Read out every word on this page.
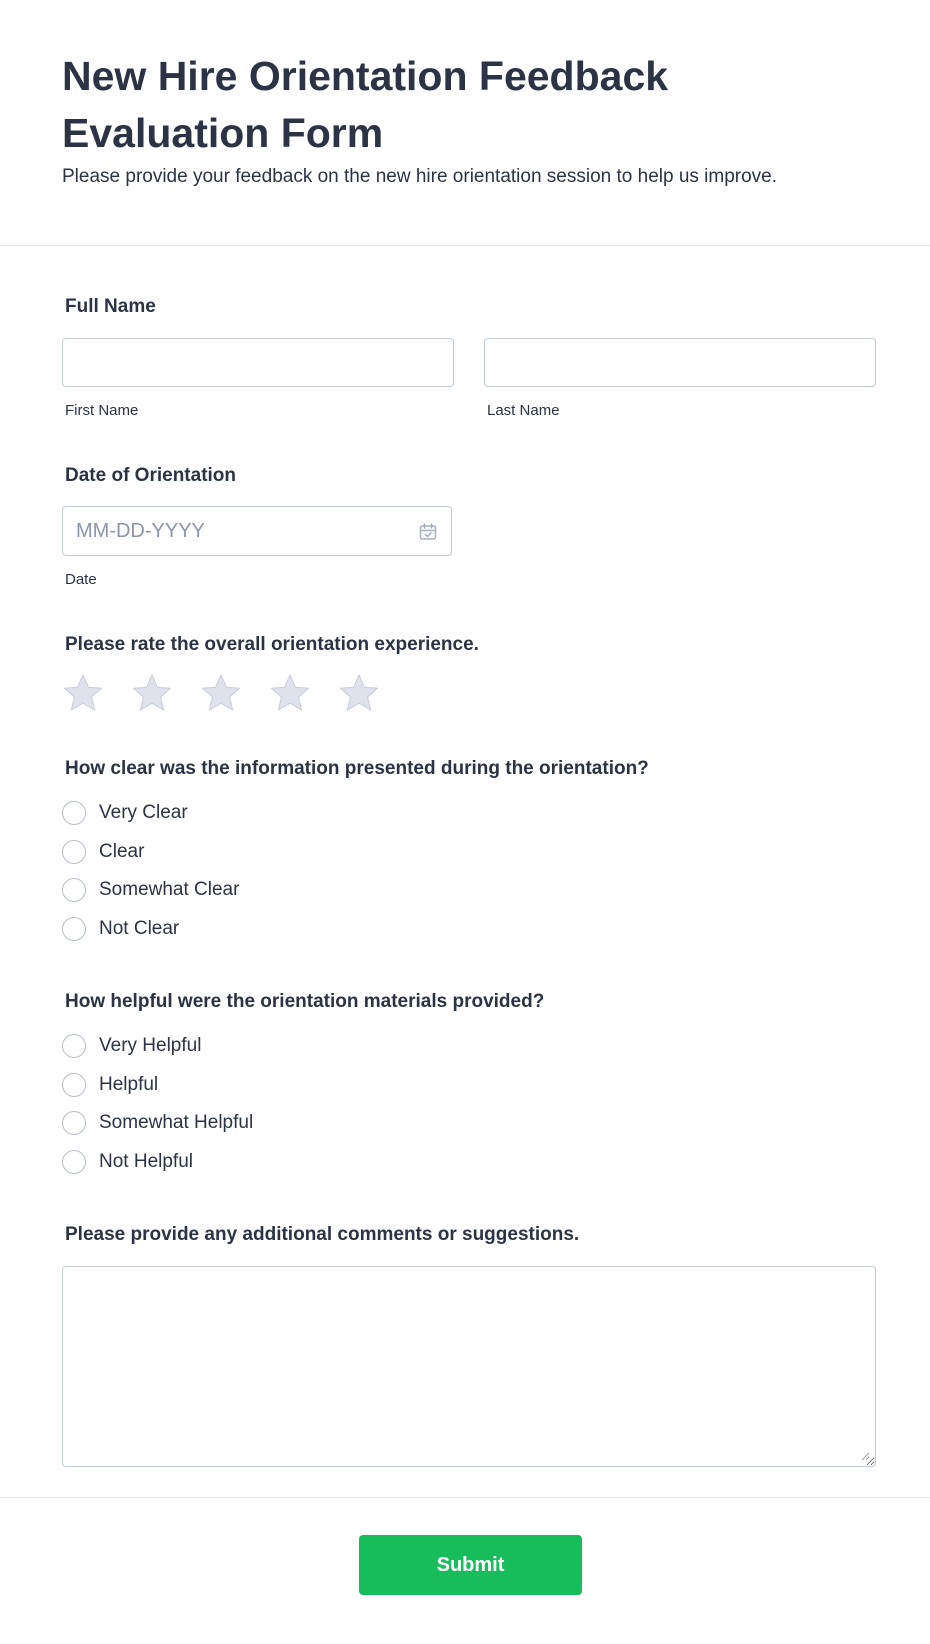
New Hire Orientation Feedback Evaluation Form
Please provide your feedback on the new hire orientation session to help us improve.
Full Name
First Name	Last Name
Date of Orientation
MM-DD-YYYY
Date
Please rate the overall orientation experience.
How clear was the information presented during the orientation?
Very Clear
Clear
Somewhat Clear
Not Clear
How helpful were the orientation materials provided?
Very Helpful
Helpful
Somewhat Helpful
Not Helpful
Please provide any additional comments or suggestions.
Submit
